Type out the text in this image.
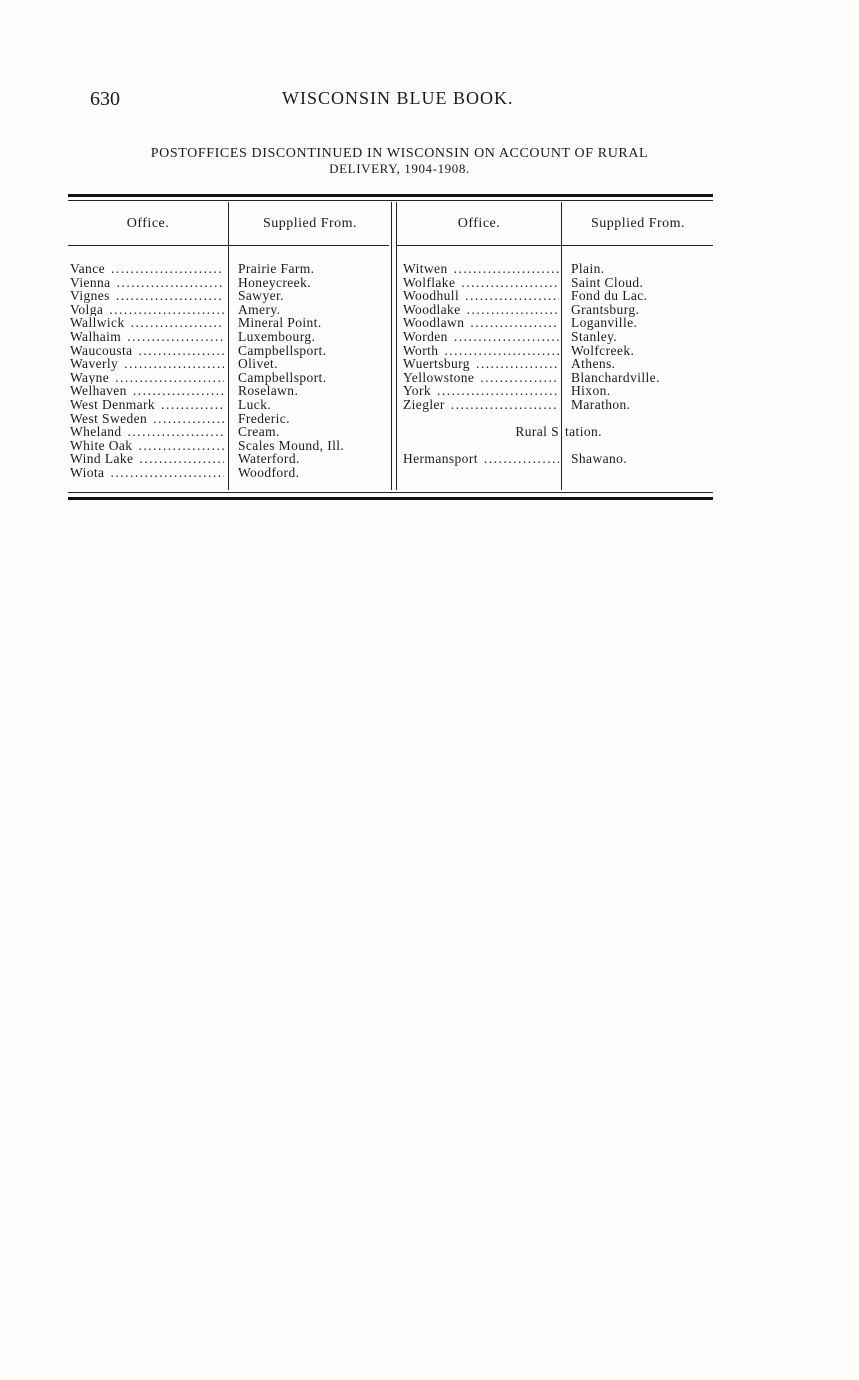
630	WISCONSIN BLUE BOOK.
POSTOFFICES DISCONTINUED IN WISCONSIN ON ACCOUNT OF RURAL
DELIVERY, 1904-1908.
Office.	Supplied From.	Office.	Supplied From.
Vance
.....
Vienna
.....
Vignes
.....
Volga
.....
Wallwick
.....
Walhaim
.....
Waucousta
.....
Waverly
.....
Wayne
.....
Welhaven
.....
West Denmark
.....
West Sweden
.....
Wheland
.....
White Oak
.....
Wind Lake
.....
Wiota
.....
Prairie Farm.
Honeycreek.
Sawyer.
Amery.
Mineral Point.
Luxembourg.
Campbellsport.
Olivet.
Campbellsport.
Roselawn.
Luck.
Frederic.
Cream.
Scales Mound, Ill.
Waterford.
Woodford.
Witwen
.....
Wolflake
.....
Woodhull
.....
Woodlake
.....
Woodlawn
.....
Worden
.....
Worth
.....
Wuertsburg
.....
Yellowstone
.....
York
.....
Ziegler
.....
Plain.
Saint Cloud.
Fond du Lac.
Grantsburg.
Loganville.
Stanley.
Wolfcreek.
Athens.
Blanchardville.
Hixon.
Marathon.
Rural S tation.
Hermansport
.....	Shawano.
